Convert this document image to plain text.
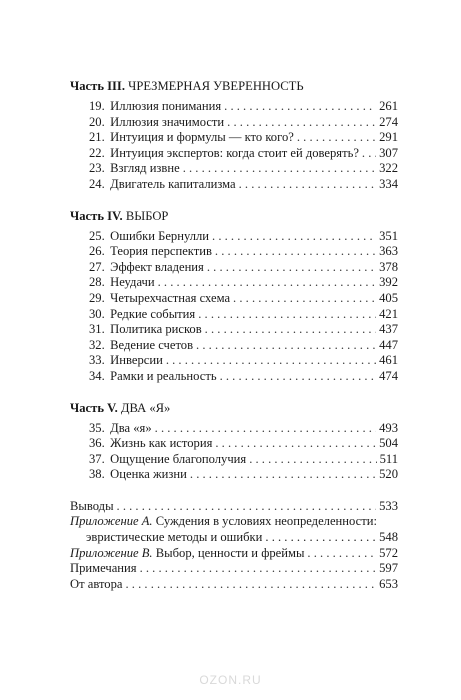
Часть III. ЧРЕЗМЕРНАЯ УВЕРЕННОСТЬ
19. Иллюзия понимания . . .	261
20. Иллюзия значимости . . .	274
21. Интуиция и формулы — кто кого? . . .	291
22. Интуиция экспертов: когда стоит ей доверять? . . . 307
23. Взгляд извне . . .	322
24. Двигатель капитализма . . .	334
Часть IV. ВЫБОР
25. Ошибки Бернулли . . .	351
26. Теория перспектив . . .	363
27. Эффект владения . . .	378
28. Неудачи . . .	392
29. Четырехчастная схема . . .	405
30. Редкие события . . .	421
31. Политика рисков . . .	437
32. Ведение счетов . . .	447
33. Инверсии . . .	461
34. Рамки и реальность . . .	474
Часть V. ДВА «Я»
35. Два «я» . . .	493
36. Жизнь как история . . .	504
37. Ощущение благополучия . . .	511
38. Оценка жизни . . .	520
Выводы . . .	533
Приложение А. Суждения в условиях неопределенности:
эвристические методы и ошибки . . .	548
Приложение В. Выбор, ценности и фреймы . . .	572
Примечания . . .	597
От автора . . .	653
OZON.RU
